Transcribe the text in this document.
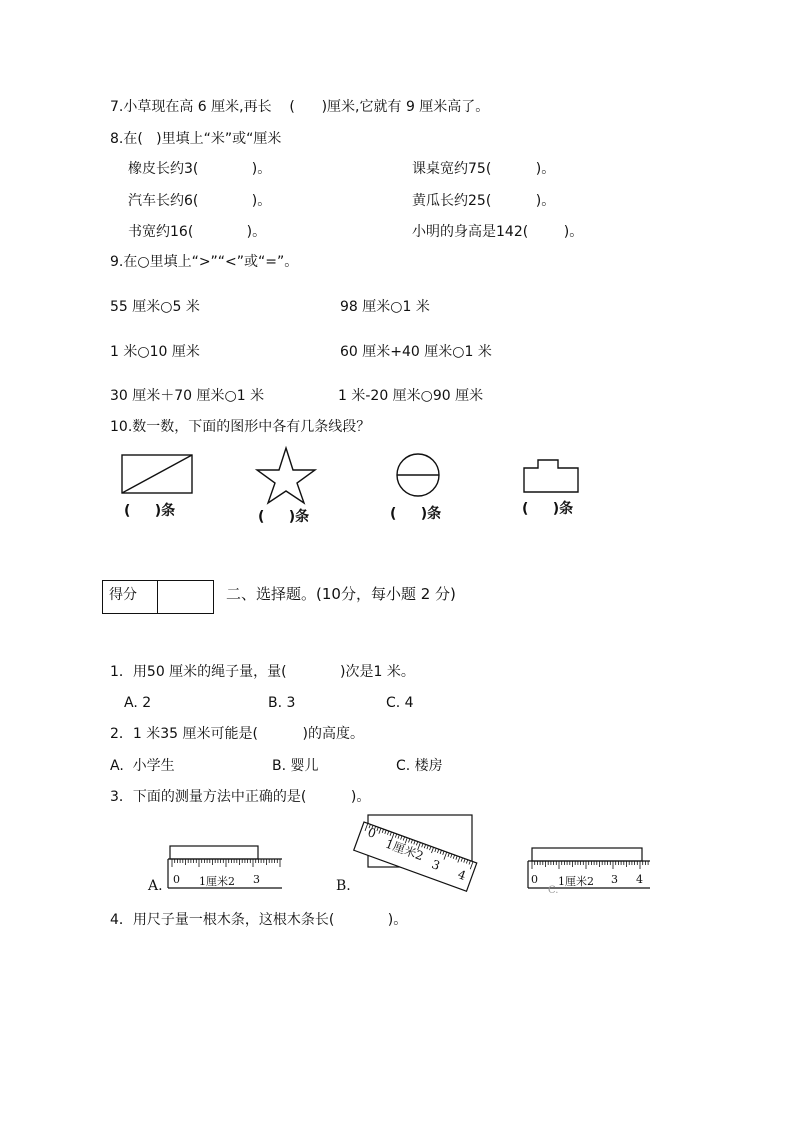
7.小草现在高 6 厘米,再长    (      )厘米,它就有 9 厘米高了。
8.在(   )里填上“米”或“厘米
橡皮长约3(            )。	课桌宽约75(          )。
汽车长约6(            )。	黄瓜长约25(          )。
书宽约16(            )。	小明的身高是142(        )。
9.在○里填上“>”“<”或“=”。
55 厘米○5 米	98 厘米○1 米
1 米○10 厘米	60 厘米+40 厘米○1 米
30 厘米＋70 厘米○1 米	1 米-20 厘米○90 厘米
10.数一数，下面的图形中各有几条线段？
(     )条	(     )条	(     )条	(     )条
得分	二、选择题。(10分，每小题 2 分)
1．用50 厘米的绳子量，量(            )次是1 米。
A. 2	B. 3	C. 4
2．1 米35 厘米可能是(          )的高度。
A.  小学生	B. 婴儿	C. 楼房
3．下面的测量方法中正确的是(          )。
A.	B.	C.
0 1厘米2 3
0
1厘米2
3
4	0 1厘米2 3 4
4．用尺子量一根木条，这根木条长(            )。
